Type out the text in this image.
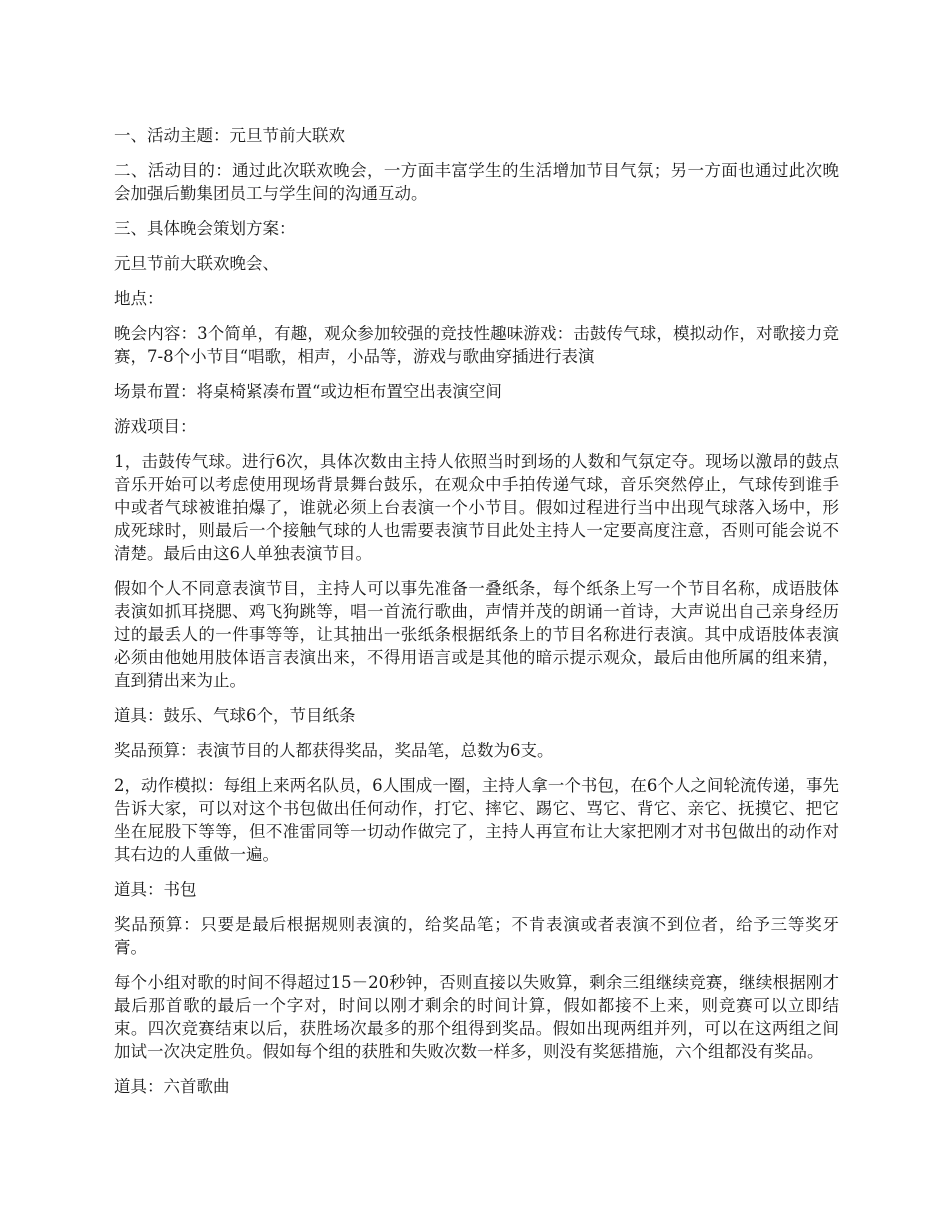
一、活动主题：元旦节前大联欢

二、活动目的：通过此次联欢晚会，一方面丰富学生的生活增加节目气氛；另一方面也通过此次晚会加强后勤集团员工与学生间的沟通互动。

三、具体晚会策划方案：

元旦节前大联欢晚会、

地点：

晚会内容：3个简单，有趣，观众参加较强的竞技性趣味游戏：击鼓传气球，模拟动作，对歌接力竞赛，7-8个小节目“唱歌，相声，小品等，游戏与歌曲穿插进行表演

场景布置：将桌椅紧凑布置“或边柜布置空出表演空间

游戏项目：

1，击鼓传气球。进行6次，具体次数由主持人依照当时到场的人数和气氛定夺。现场以激昂的鼓点音乐开始可以考虑使用现场背景舞台鼓乐，在观众中手拍传递气球，音乐突然停止，气球传到谁手中或者气球被谁拍爆了，谁就必须上台表演一个小节目。假如过程进行当中出现气球落入场中，形成死球时，则最后一个接触气球的人也需要表演节目此处主持人一定要高度注意，否则可能会说不清楚。最后由这6人单独表演节目。

假如个人不同意表演节目，主持人可以事先准备一叠纸条，每个纸条上写一个节目名称，成语肢体表演如抓耳挠腮、鸡飞狗跳等，唱一首流行歌曲，声情并茂的朗诵一首诗，大声说出自己亲身经历过的最丢人的一件事等等，让其抽出一张纸条根据纸条上的节目名称进行表演。其中成语肢体表演必须由他她用肢体语言表演出来，不得用语言或是其他的暗示提示观众，最后由他所属的组来猜，直到猜出来为止。

道具：鼓乐、气球6个，节目纸条

奖品预算：表演节目的人都获得奖品，奖品笔，总数为6支。

2，动作模拟：每组上来两名队员，6人围成一圈，主持人拿一个书包，在6个人之间轮流传递，事先告诉大家，可以对这个书包做出任何动作，打它、摔它、踢它、骂它、背它、亲它、抚摸它、把它坐在屁股下等等，但不准雷同等一切动作做完了，主持人再宣布让大家把刚才对书包做出的动作对其右边的人重做一遍。

道具：书包

奖品预算：只要是最后根据规则表演的，给奖品笔；不肯表演或者表演不到位者，给予三等奖牙膏。

每个小组对歌的时间不得超过15－20秒钟，否则直接以失败算，剩余三组继续竞赛，继续根据刚才最后那首歌的最后一个字对，时间以刚才剩余的时间计算，假如都接不上来，则竞赛可以立即结束。四次竞赛结束以后，获胜场次最多的那个组得到奖品。假如出现两组并列，可以在这两组之间加试一次决定胜负。假如每个组的获胜和失败次数一样多，则没有奖惩措施，六个组都没有奖品。

道具：六首歌曲
